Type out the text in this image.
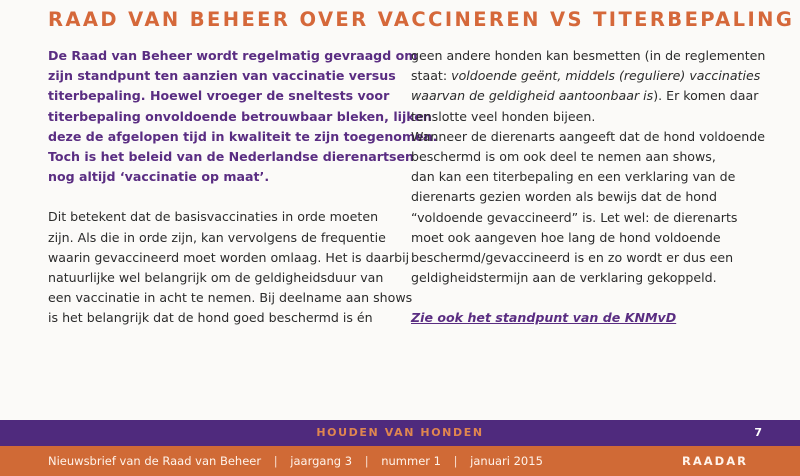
RAAD VAN BEHEER OVER VACCINEREN VS TITERBEPALING

De Raad van Beheer wordt regelmatig gevraagd om
zijn standpunt ten aanzien van vaccinatie versus
titerbepaling. Hoewel vroeger de sneltests voor
titerbepaling onvoldoende betrouwbaar bleken, lijken
deze de afgelopen tijd in kwaliteit te zijn toegenomen.
Toch is het beleid van de Nederlandse dierenartsen
nog altijd ‘vaccinatie op maat’.

Dit betekent dat de basisvaccinaties in orde moeten
zijn. Als die in orde zijn, kan vervolgens de frequentie
waarin gevaccineerd moet worden omlaag. Het is daarbij
natuurlijke wel belangrijk om de geldigheidsduur van
een vaccinatie in acht te nemen. Bij deelname aan shows
is het belangrijk dat de hond goed beschermd is én

geen andere honden kan besmetten (in de reglementen
staat: voldoende geënt, middels (reguliere) vaccinaties
waarvan de geldigheid aantoonbaar is). Er komen daar
tenslotte veel honden bijeen.
Wanneer de dierenarts aangeeft dat de hond voldoende
beschermd is om ook deel te nemen aan shows,
dan kan een titerbepaling en een verklaring van de
dierenarts gezien worden als bewijs dat de hond
“voldoende gevaccineerd” is. Let wel: de dierenarts
moet ook aangeven hoe lang de hond voldoende
beschermd/gevaccineerd is en zo wordt er dus een
geldigheidstermijn aan de verklaring gekoppeld.

Zie ook het standpunt van de KNMvD
HOUDEN VAN HONDEN	7
Nieuwsbrief van de Raad van Beheer | jaargang 3 | nummer 1 | januari 2015	RAADAR
